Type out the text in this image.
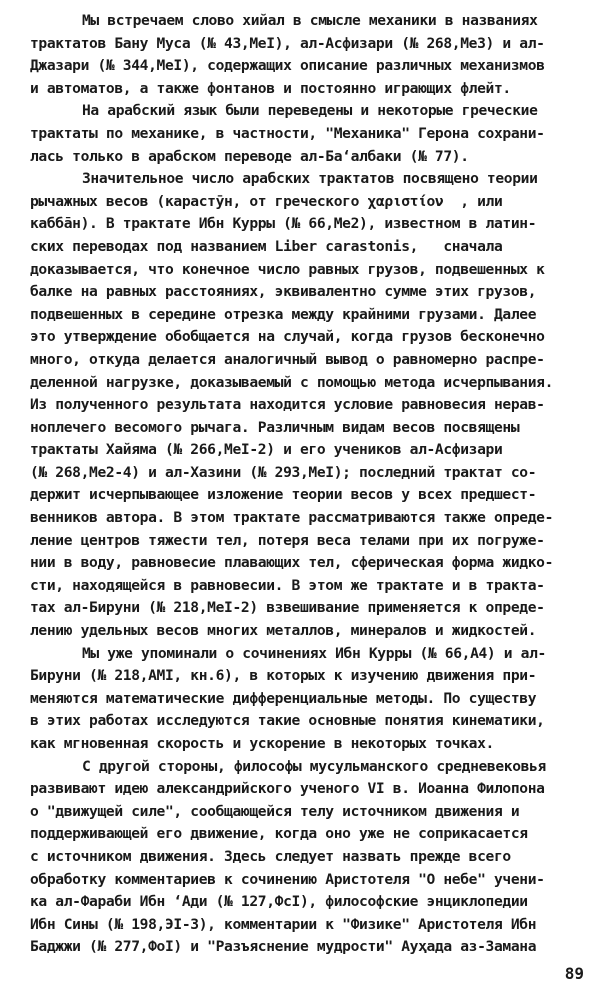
Мы встречаем слово хийал в смысле механики в названиях
трактатов Бану Муса (№ 43,МеI), ал-Асфизари (№ 268,Ме3) и ал-
Джазари (№ 344,МеI), содержащих описание различных механизмов
и автоматов, а также фонтанов и постоянно играющих флейт.
На арабский язык были переведены и некоторые греческие
трактаты по механике, в частности, "Механика" Герона сохрани-
лась только в арабском переводе ал-Ба‘албаки (№ 77).
Значительное число арабских трактатов посвящено теории
рычажных весов (карастӯн, от греческого χαριστίον  , или
каббāн). В трактате Ибн Курры (№ 66,Ме2), известном в латин-
ских переводах под названием Liber carastonis,   сначала
доказывается, что конечное число равных грузов, подвешенных к
балке на равных расстояниях, эквивалентно сумме этих грузов,
подвешенных в середине отрезка между крайними грузами. Далее
это утверждение обобщается на случай, когда грузов бесконечно
много, откуда делается аналогичный вывод о равномерно распре-
деленной нагрузке, доказываемый с помощью метода исчерпывания.
Из полученного результата находится условие равновесия нерав-
ноплечего весомого рычага. Различным видам весов посвящены
трактаты Хайяма (№ 266,МеI-2) и его учеников ал-Асфизари
(№ 268,Ме2-4) и ал-Хазини (№ 293,МеI); последний трактат со-
держит исчерпывающее изложение теории весов у всех предшест-
венников автора. В этом трактате рассматриваются также опреде-
ление центров тяжести тел, потеря веса телами при их погруже-
нии в воду, равновесие плавающих тел, сферическая форма жидко-
сти, находящейся в равновесии. В этом же трактате и в тракта-
тах ал-Бируни (№ 218,МеI-2) взвешивание применяется к опреде-
лению удельных весов многих металлов, минералов и жидкостей.
Мы уже упоминали о сочинениях Ибн Курры (№ 66,А4) и ал-
Бируни (№ 218,АМI, кн.6), в которых к изучению движения при-
меняются математические дифференциальные методы. По существу
в этих работах исследуются такие основные понятия кинематики,
как мгновенная скорость и ускорение в некоторых точках.
С другой стороны, философы мусульманского средневековья
развивают идею александрийского ученого VI в. Иоанна Филопона
о "движущей силе", сообщающейся телу источником движения и
поддерживающей его движение, когда оно уже не соприкасается
с источником движения. Здесь следует назвать прежде всего
обработку комментариев к сочинению Аристотеля "О небе" учени-
ка ал-Фараби Ибн ‘Ади (№ 127,ФсI), философские энциклопедии
Ибн Сины (№ 198,ЭI-3), комментарии к "Физике" Аристотеля Ибн
Баджжи (№ 277,ФоI) и "Разъяснение мудрости" Ауҳада аз-Замана
89
